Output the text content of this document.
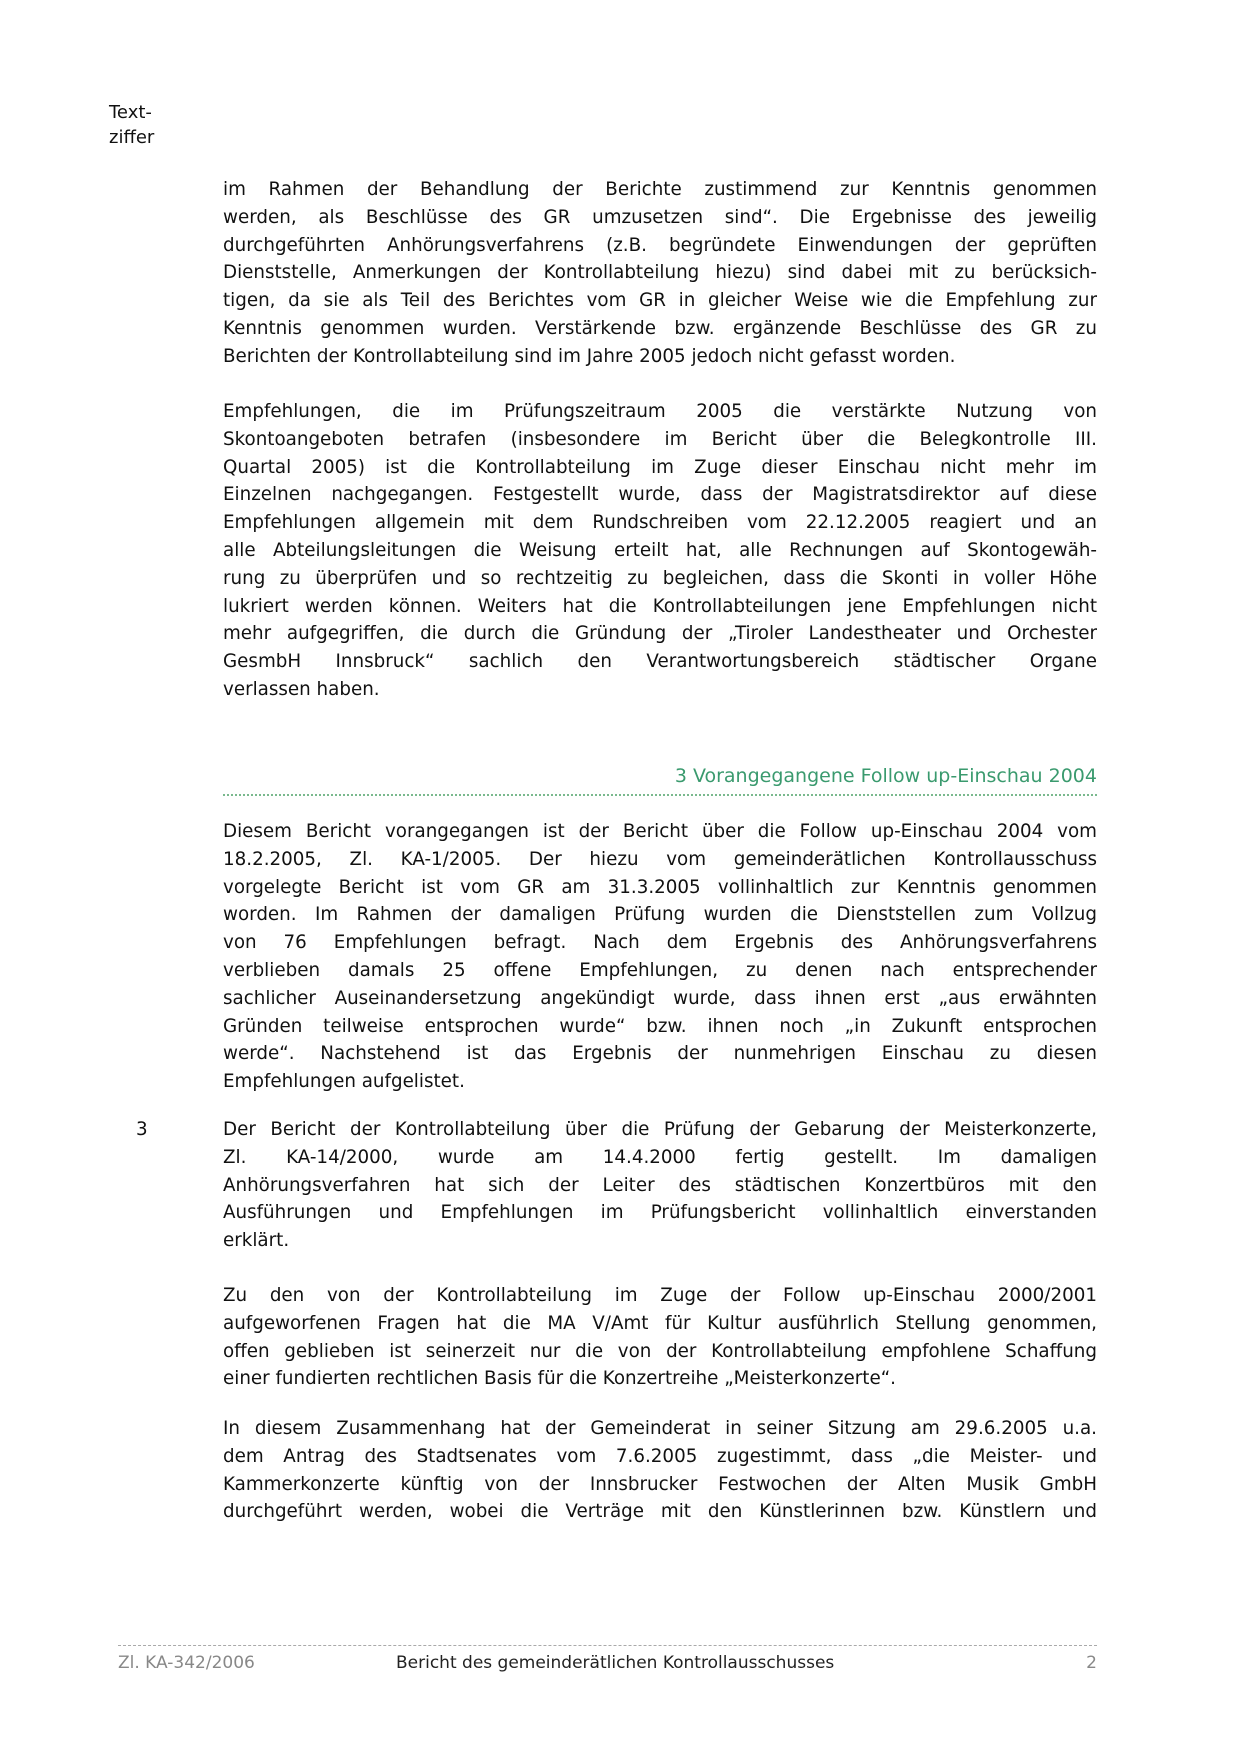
Text-
ziffer
im Rahmen der Behandlung der Berichte zustimmend zur Kenntnis genommen
werden, als Beschlüsse des GR umzusetzen sind“. Die Ergebnisse des jeweilig
durchgeführten Anhörungsverfahrens (z.B. begründete Einwendungen der geprüften
Dienststelle, Anmerkungen der Kontrollabteilung hiezu) sind dabei mit zu berücksich-
tigen, da sie als Teil des Berichtes vom GR in gleicher Weise wie die Empfehlung zur
Kenntnis genommen wurden. Verstärkende bzw. ergänzende Beschlüsse des GR zu
Berichten der Kontrollabteilung sind im Jahre 2005 jedoch nicht gefasst worden.
Empfehlungen, die im Prüfungszeitraum 2005 die verstärkte Nutzung von
Skontoangeboten betrafen (insbesondere im Bericht über die Belegkontrolle III.
Quartal 2005) ist die Kontrollabteilung im Zuge dieser Einschau nicht mehr im
Einzelnen nachgegangen. Festgestellt wurde, dass der Magistratsdirektor auf diese
Empfehlungen allgemein mit dem Rundschreiben vom 22.12.2005 reagiert und an
alle Abteilungsleitungen die Weisung erteilt hat, alle Rechnungen auf Skontogewäh-
rung zu überprüfen und so rechtzeitig zu begleichen, dass die Skonti in voller Höhe
lukriert werden können. Weiters hat die Kontrollabteilungen jene Empfehlungen nicht
mehr aufgegriffen, die durch die Gründung der „Tiroler Landestheater und Orchester
GesmbH Innsbruck“ sachlich den Verantwortungsbereich städtischer Organe
verlassen haben.
3 Vorangegangene Follow up-Einschau 2004
Diesem Bericht vorangegangen ist der Bericht über die Follow up-Einschau 2004 vom
18.2.2005, Zl. KA-1/2005. Der hiezu vom gemeinderätlichen Kontrollausschuss
vorgelegte Bericht ist vom GR am 31.3.2005 vollinhaltlich zur Kenntnis genommen
worden. Im Rahmen der damaligen Prüfung wurden die Dienststellen zum Vollzug
von 76 Empfehlungen befragt. Nach dem Ergebnis des Anhörungsverfahrens
verblieben damals 25 offene Empfehlungen, zu denen nach entsprechender
sachlicher Auseinandersetzung angekündigt wurde, dass ihnen erst „aus erwähnten
Gründen teilweise entsprochen wurde“ bzw. ihnen noch „in Zukunft entsprochen
werde“. Nachstehend ist das Ergebnis der nunmehrigen Einschau zu diesen
Empfehlungen aufgelistet.
3	Der Bericht der Kontrollabteilung über die Prüfung der Gebarung der Meisterkonzerte,
Zl. KA-14/2000, wurde am 14.4.2000 fertig gestellt. Im damaligen
Anhörungsverfahren hat sich der Leiter des städtischen Konzertbüros mit den
Ausführungen und Empfehlungen im Prüfungsbericht vollinhaltlich einverstanden
erklärt.
Zu den von der Kontrollabteilung im Zuge der Follow up-Einschau 2000/2001
aufgeworfenen Fragen hat die MA V/Amt für Kultur ausführlich Stellung genommen,
offen geblieben ist seinerzeit nur die von der Kontrollabteilung empfohlene Schaffung
einer fundierten rechtlichen Basis für die Konzertreihe „Meisterkonzerte“.
In diesem Zusammenhang hat der Gemeinderat in seiner Sitzung am 29.6.2005 u.a.
dem Antrag des Stadtsenates vom 7.6.2005 zugestimmt, dass „die Meister- und
Kammerkonzerte künftig von der Innsbrucker Festwochen der Alten Musik GmbH
durchgeführt werden, wobei die Verträge mit den Künstlerinnen bzw. Künstlern und
Zl. KA-342/2006	Bericht des gemeinderätlichen Kontrollausschusses	2
